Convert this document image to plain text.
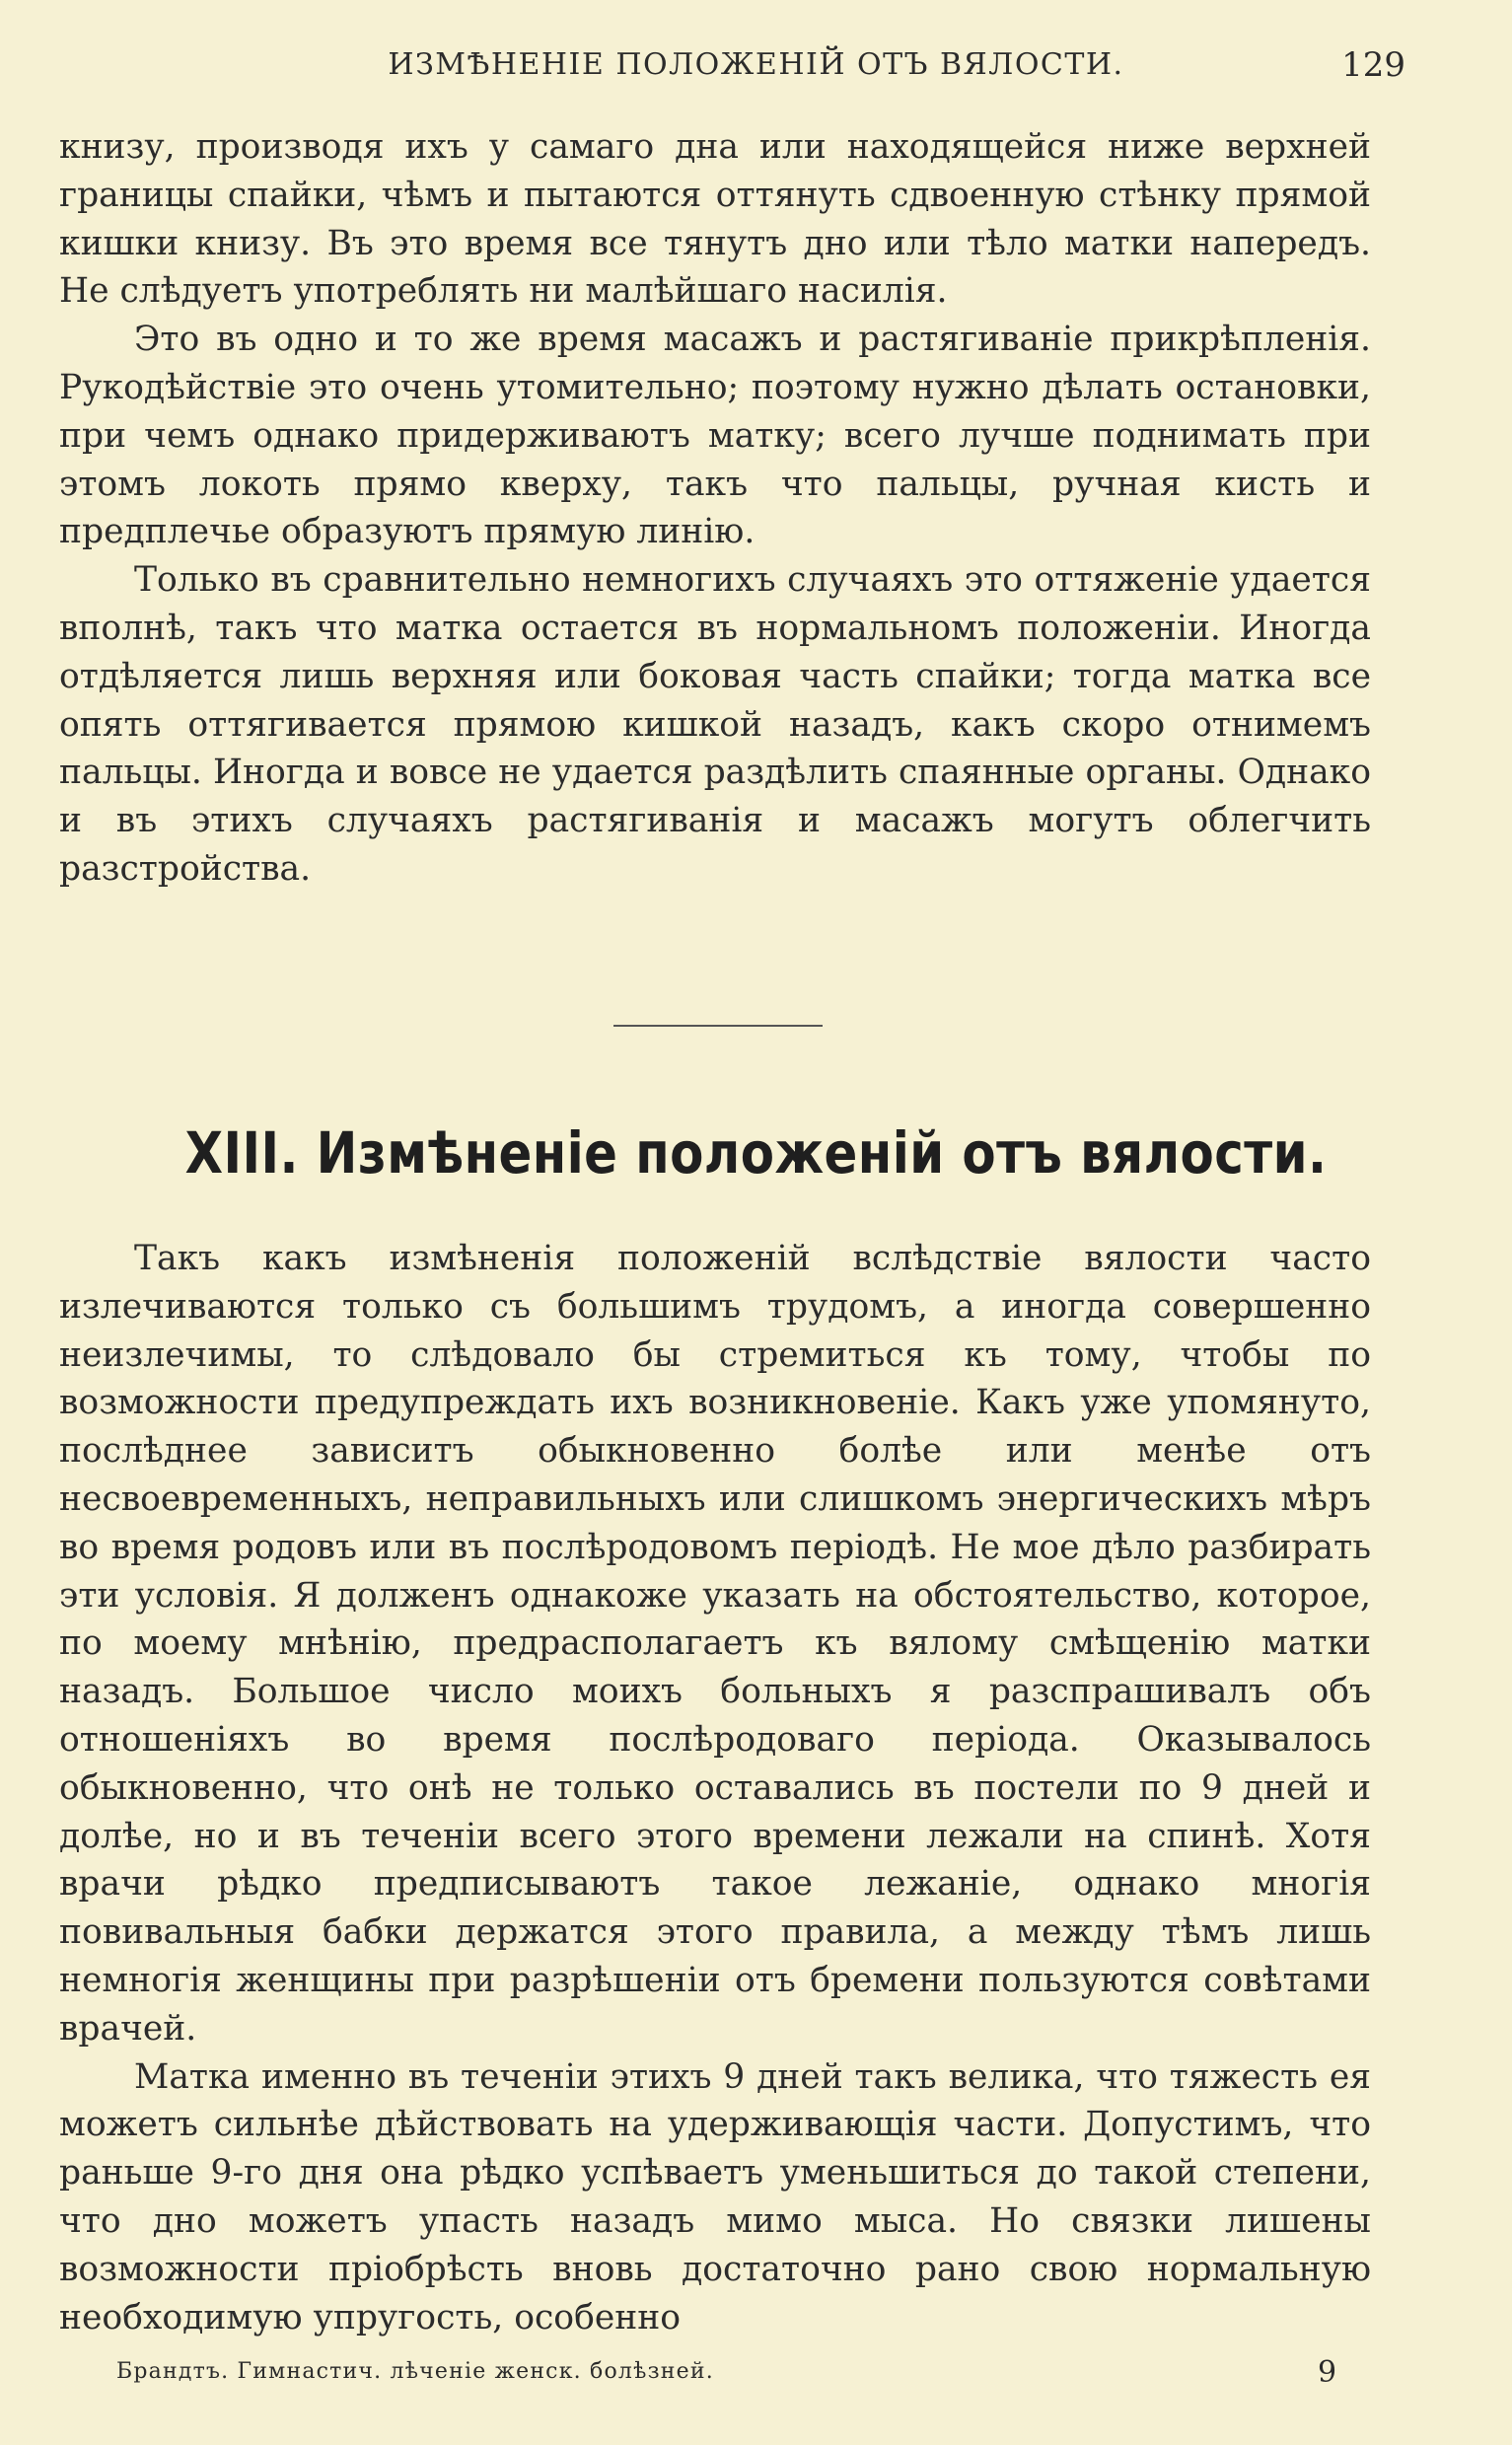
ИЗМѢНЕНІЕ ПОЛОЖЕНІЙ ОТЪ ВЯЛОСТИ.	129

книзу, производя ихъ у самаго дна или находящейся ниже верхней границы спайки, чѣмъ и пытаются оттянуть сдвоенную стѣнку прямой кишки книзу. Въ это время все тянутъ дно или тѣло матки напередъ. Не слѣдуетъ употреблять ни малѣйшаго насилія.

Это въ одно и то же время масажъ и растягиваніе прикрѣпленія. Рукодѣйствіе это очень утомительно; поэтому нужно дѣлать остановки, при чемъ однако придерживаютъ матку; всего лучше поднимать при этомъ локоть прямо кверху, такъ что пальцы, ручная кисть и предплечье образуютъ прямую линію.

Только въ сравнительно немногихъ случаяхъ это оттяженіе удается вполнѣ, такъ что матка остается въ нормальномъ положеніи. Иногда отдѣляется лишь верхняя или боковая часть спайки; тогда матка все опять оттягивается прямою кишкой назадъ, какъ скоро отнимемъ пальцы. Иногда и вовсе не удается раздѣлить спаянные органы. Однако и въ этихъ случаяхъ растягиванія и масажъ могутъ облегчить разстройства.

XIII. Измѣненіе положеній отъ вялости.

Такъ какъ измѣненія положеній вслѣдствіе вялости часто излечиваются только съ большимъ трудомъ, а иногда совершенно неизлечимы, то слѣдовало бы стремиться къ тому, чтобы по возможности предупреждать ихъ возникновеніе. Какъ уже упомянуто, послѣднее зависитъ обыкновенно болѣе или менѣе отъ несвоевременныхъ, неправильныхъ или слишкомъ энергическихъ мѣръ во время родовъ или въ послѣродовомъ періодѣ. Не мое дѣло разбирать эти условія. Я долженъ однакоже указать на обстоятельство, которое, по моему мнѣнію, предрасполагаетъ къ вялому смѣщенію матки назадъ. Большое число моихъ больныхъ я разспрашивалъ объ отношеніяхъ во время послѣродоваго періода. Оказывалось обыкновенно, что онѣ не только оставались въ постели по 9 дней и долѣе, но и въ теченіи всего этого времени лежали на спинѣ. Хотя врачи рѣдко предписываютъ такое лежаніе, однако многія повивальныя бабки держатся этого правила, а между тѣмъ лишь немногія женщины при разрѣшеніи отъ бремени пользуются совѣтами врачей.

Матка именно въ теченіи этихъ 9 дней такъ велика, что тяжесть ея можетъ сильнѣе дѣйствовать на удерживающія части. Допустимъ, что раньше 9-го дня она рѣдко успѣваетъ уменьшиться до такой степени, что дно можетъ упасть назадъ мимо мыса. Но связки лишены возможности пріобрѣсть вновь достаточно рано свою нормальную необходимую упругость, особенно

Брандтъ. Гимнастич. лѣченіе женск. болѣзней.	9
